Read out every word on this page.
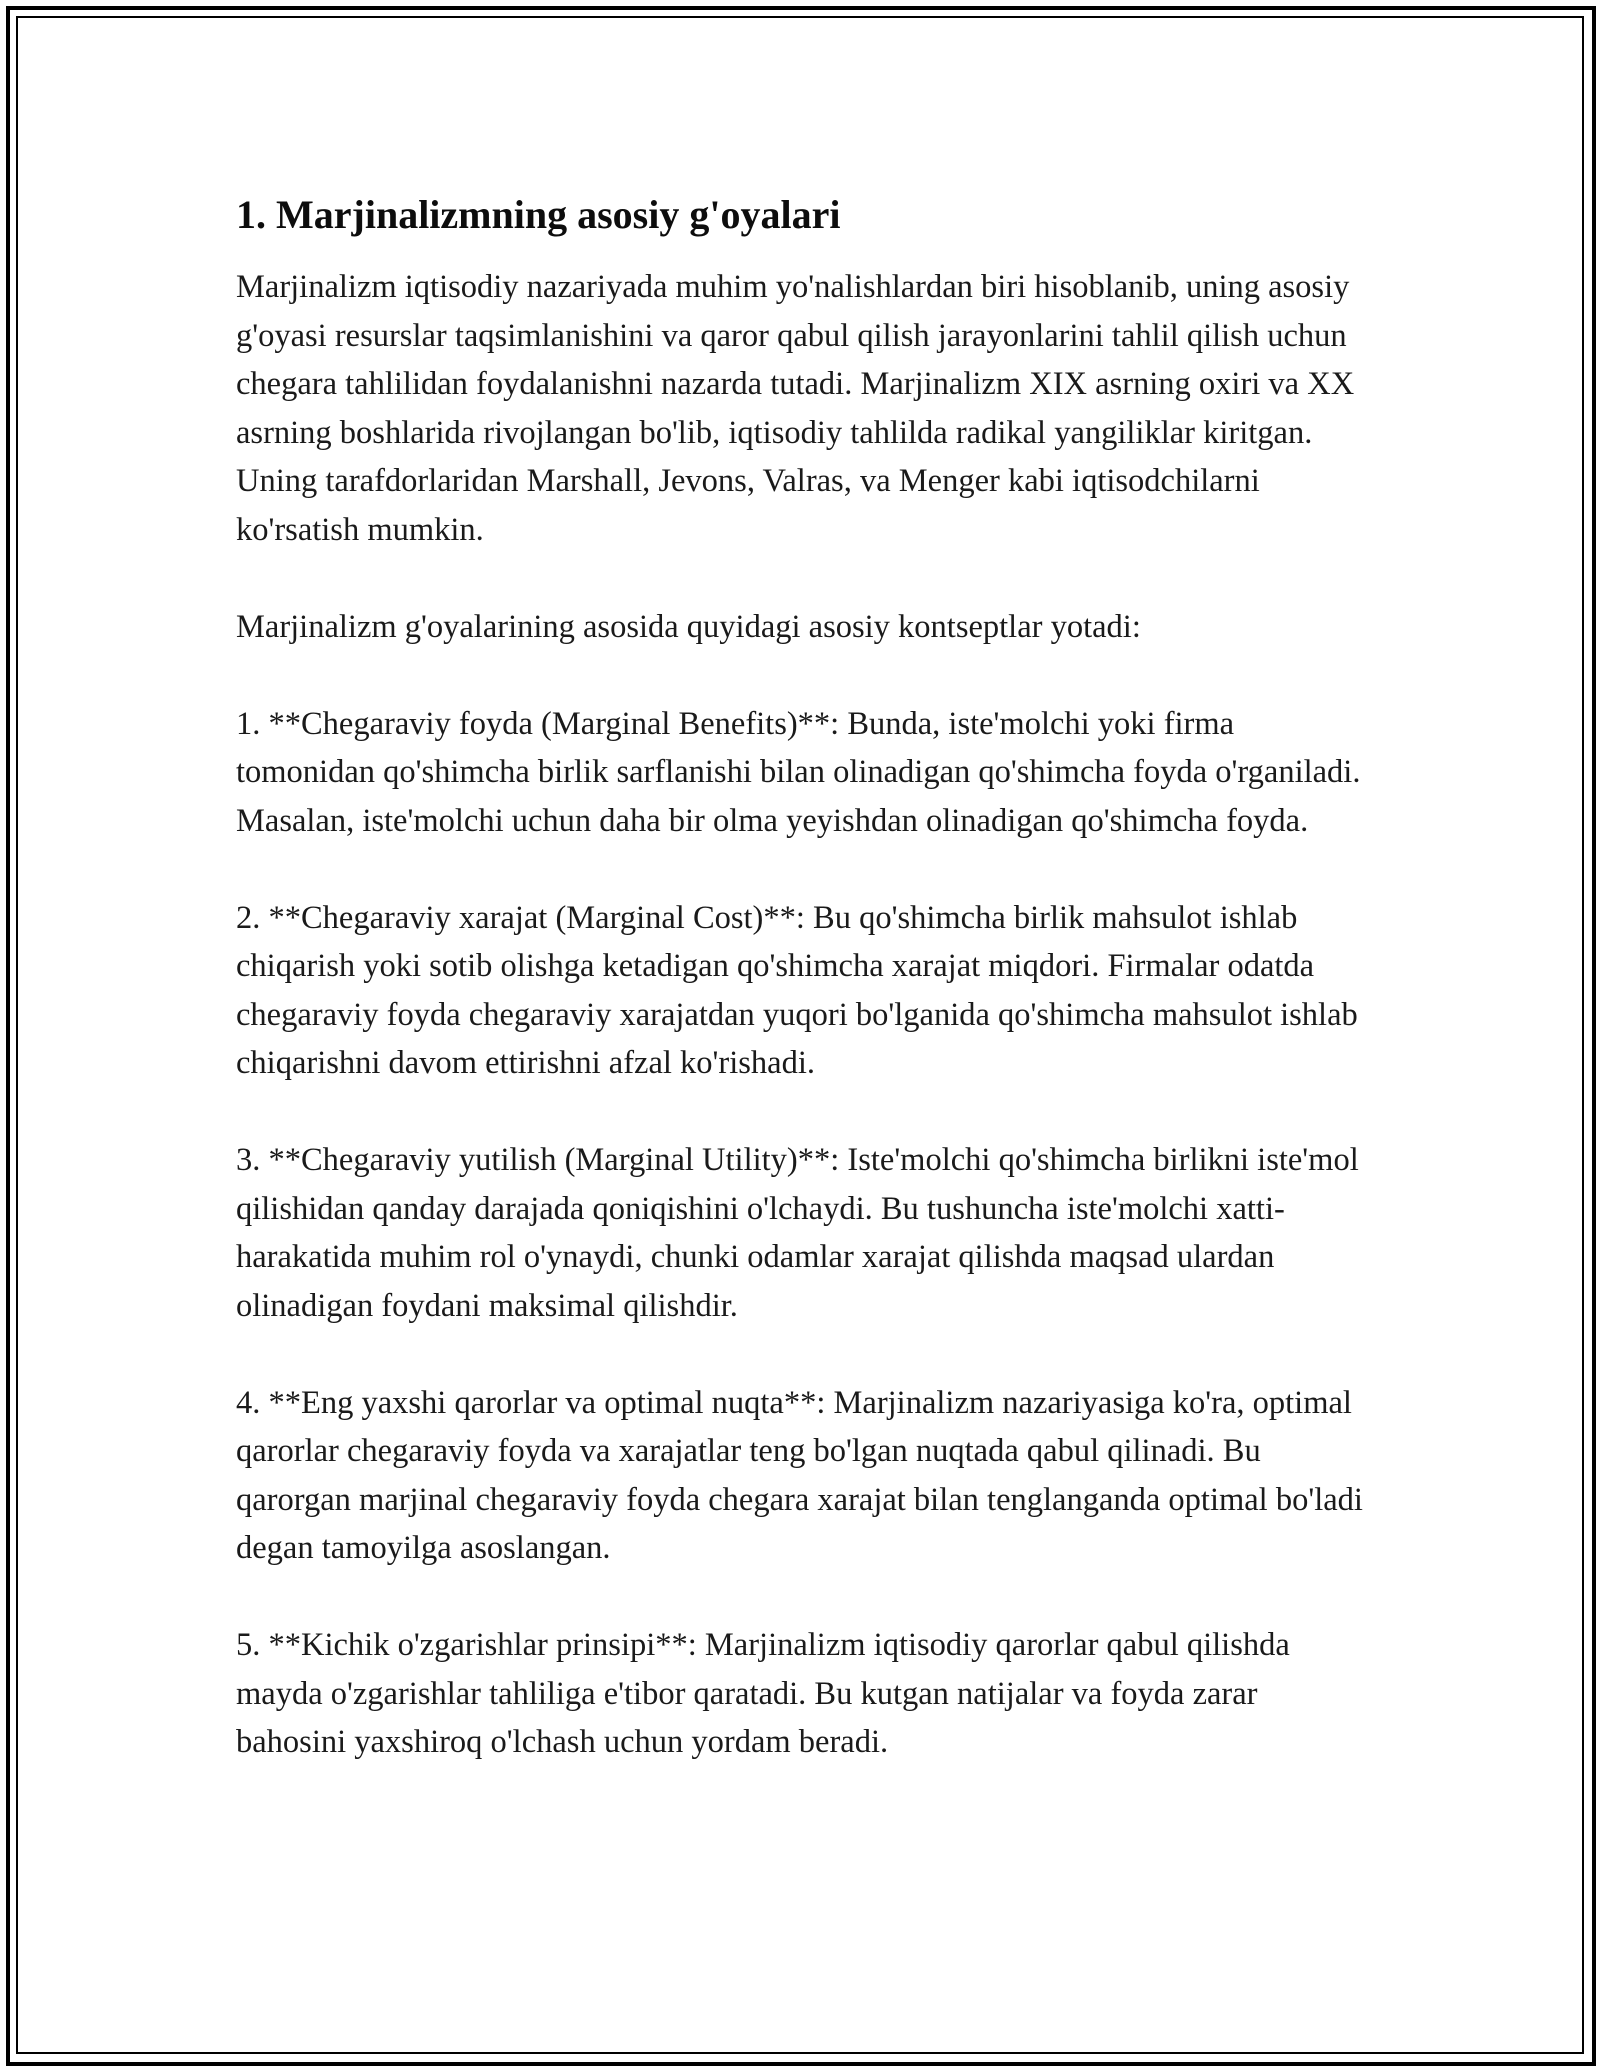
1. Marjinalizmning asosiy g'oyalari

Marjinalizm iqtisodiy nazariyada muhim yo'nalishlardan biri hisoblanib, uning asosiy g'oyasi resurslar taqsimlanishini va qaror qabul qilish jarayonlarini tahlil qilish uchun chegara tahlilidan foydalanishni nazarda tutadi. Marjinalizm XIX asrning oxiri va XX asrning boshlarida rivojlangan bo'lib, iqtisodiy tahlilda radikal yangiliklar kiritgan. Uning tarafdorlaridan Marshall, Jevons, Valras, va Menger kabi iqtisodchilarni ko'rsatish mumkin.

Marjinalizm g'oyalarining asosida quyidagi asosiy kontseptlar yotadi:

1. **Chegaraviy foyda (Marginal Benefits)**: Bunda, iste'molchi yoki firma tomonidan qo'shimcha birlik sarflanishi bilan olinadigan qo'shimcha foyda o'rganiladi. Masalan, iste'molchi uchun daha bir olma yeyishdan olinadigan qo'shimcha foyda.

2. **Chegaraviy xarajat (Marginal Cost)**: Bu qo'shimcha birlik mahsulot ishlab chiqarish yoki sotib olishga ketadigan qo'shimcha xarajat miqdori. Firmalar odatda chegaraviy foyda chegaraviy xarajatdan yuqori bo'lganida qo'shimcha mahsulot ishlab chiqarishni davom ettirishni afzal ko'rishadi.

3. **Chegaraviy yutilish (Marginal Utility)**: Iste'molchi qo'shimcha birlikni iste'mol qilishidan qanday darajada qoniqishini o'lchaydi. Bu tushuncha iste'molchi xatti-harakatida muhim rol o'ynaydi, chunki odamlar xarajat qilishda maqsad ulardan olinadigan foydani maksimal qilishdir.

4. **Eng yaxshi qarorlar va optimal nuqta**: Marjinalizm nazariyasiga ko'ra, optimal qarorlar chegaraviy foyda va xarajatlar teng bo'lgan nuqtada qabul qilinadi. Bu qarorgan marjinal chegaraviy foyda chegara xarajat bilan tenglanganda optimal bo'ladi degan tamoyilga asoslangan.

5. **Kichik o'zgarishlar prinsipi**: Marjinalizm iqtisodiy qarorlar qabul qilishda mayda o'zgarishlar tahliliga e'tibor qaratadi. Bu kutgan natijalar va foyda zarar bahosini yaxshiroq o'lchash uchun yordam beradi.
